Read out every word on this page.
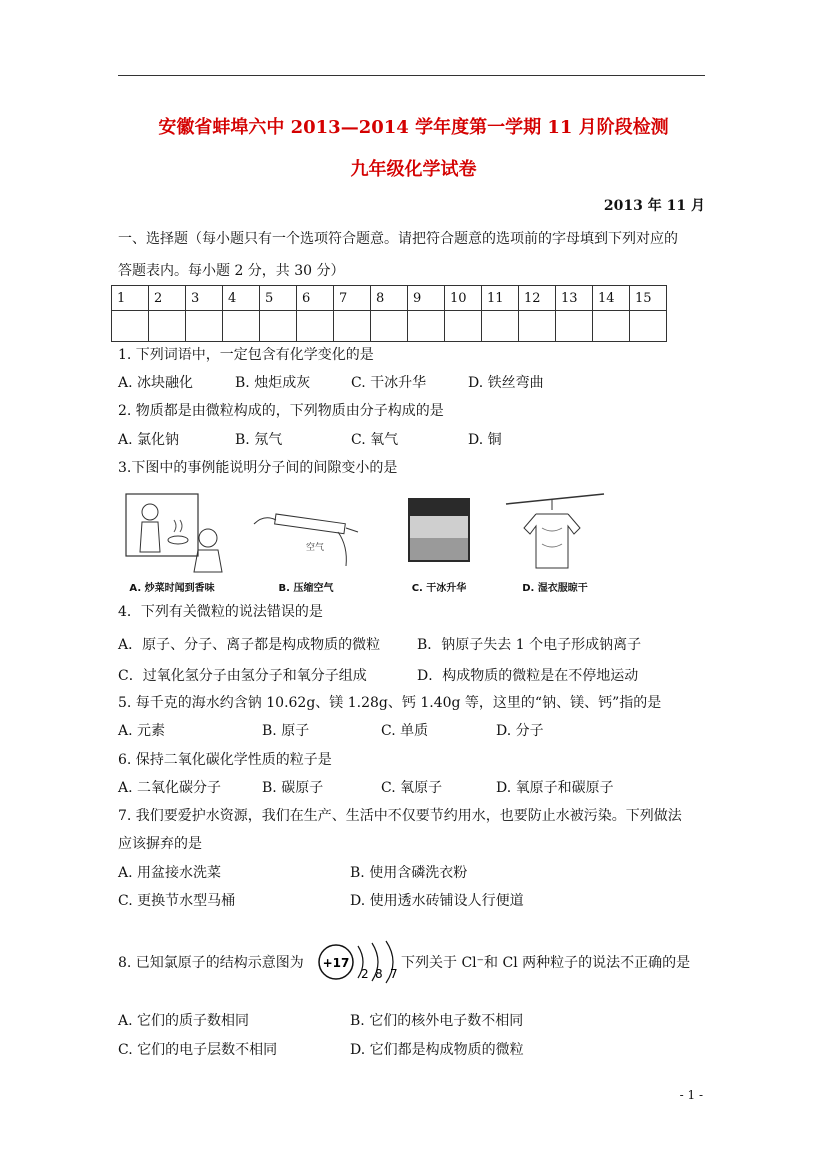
安徽省蚌埠六中 2013—2014 学年度第一学期 11 月阶段检测
九年级化学试卷
2013 年 11 月
一、选择题（每小题只有一个选项符合题意。请把符合题意的选项前的字母填到下列对应的
答题表内。每小题 2 分，共 30 分）
1	2	3	4	5	6	7	8	9	10	11	12	13	14	15

1. 下列词语中，一定包含有化学变化的是
A. 冰块融化	B. 烛炬成灰	C. 干冰升华	D. 铁丝弯曲
2. 物质都是由微粒构成的，下列物质由分子构成的是
A. 氯化钠	B. 氖气	C. 氧气	D. 铜
3.下图中的事例能说明分子间的间隙变小的是
A. 炒菜时闻到香味
空气
B. 压缩空气	C. 干冰升华	D. 湿衣服晾干
4．下列有关微粒的说法错误的是
A．原子、分子、离子都是构成物质的微粒	B．钠原子失去 1 个电子形成钠离子
C．过氧化氢分子由氢分子和氧分子组成	D．构成物质的微粒是在不停地运动
5. 每千克的海水约含钠 10.62g、镁 1.28g、钙 1.40g 等，这里的“钠、镁、钙”指的是
A. 元素	B. 原子	C. 单质	D. 分子
6. 保持二氧化碳化学性质的粒子是
A. 二氧化碳分子	B. 碳原子	C. 氧原子	D. 氧原子和碳原子
7. 我们要爱护水资源，我们在生产、生活中不仅要节约用水，也要防止水被污染。下列做法
应该摒弃的是
A. 用盆接水洗菜	B. 使用含磷洗衣粉
C. 更换节水型马桶	D. 使用透水砖铺设人行便道
8. 已知氯原子的结构示意图为 +17
2 8 7
下列关于 Cl⁻和 Cl 两种粒子的说法不正确的是
A. 它们的质子数相同	B. 它们的核外电子数不相同
C. 它们的电子层数不相同	D. 它们都是构成物质的微粒
- 1 -
